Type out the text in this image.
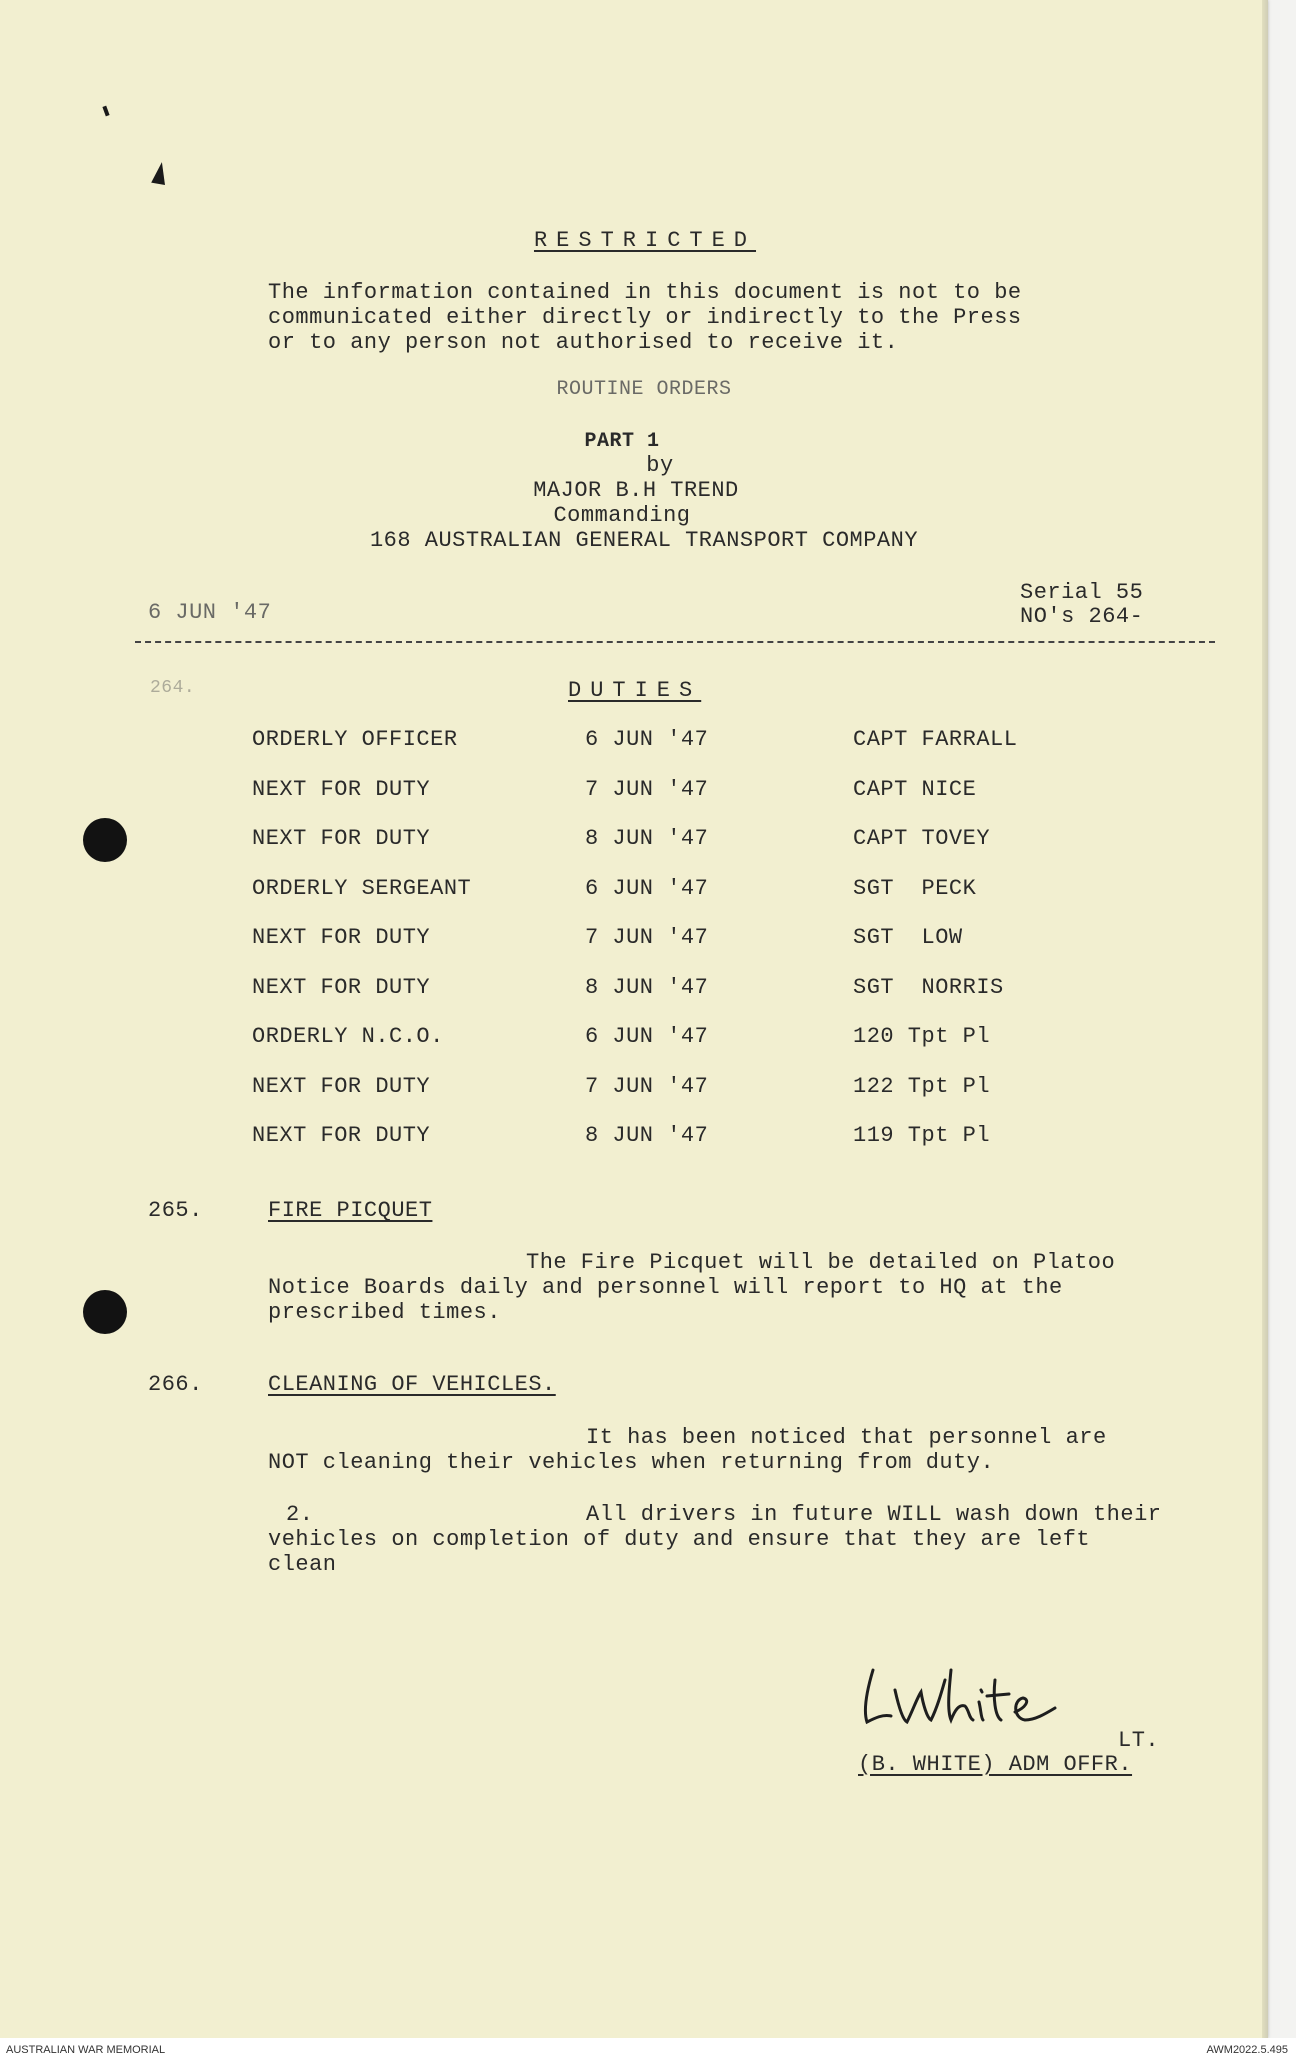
RESTRICTED
The information contained in this document is not to be
communicated either directly or indirectly to the Press
or to any person not authorised to receive it.
ROUTINE ORDERS
PART 1
by
MAJOR B.H TREND
Commanding
168 AUSTRALIAN GENERAL TRANSPORT COMPANY
6 JUN '47
Serial 55
NO's 264-
264.	DUTIES
265.	FIRE PICQUET
The Fire Picquet will be detailed on Platoo
Notice Boards daily and personnel will report to HQ at the
prescribed times.
266.	CLEANING OF VEHICLES.
It has been noticed that personnel are
NOT cleaning their vehicles when returning from duty.
2.	All drivers in future WILL wash down their
vehicles on completion of duty and ensure that they are left
clean
LT.
(B. WHITE) ADM OFFR.
ORDERLY OFFICER	6 JUN '47	CAPT FARRALL
NEXT FOR DUTY	7 JUN '47	CAPT NICE
NEXT FOR DUTY	8 JUN '47	CAPT TOVEY
ORDERLY SERGEANT	6 JUN '47	SGT  PECK
NEXT FOR DUTY	7 JUN '47	SGT  LOW
NEXT FOR DUTY	8 JUN '47	SGT  NORRIS
ORDERLY N.C.O.	6 JUN '47	120 Tpt Pl
NEXT FOR DUTY	7 JUN '47	122 Tpt Pl
NEXT FOR DUTY	8 JUN '47	119 Tpt Pl
AUSTRALIAN WAR MEMORIAL	AWM2022.5.495
